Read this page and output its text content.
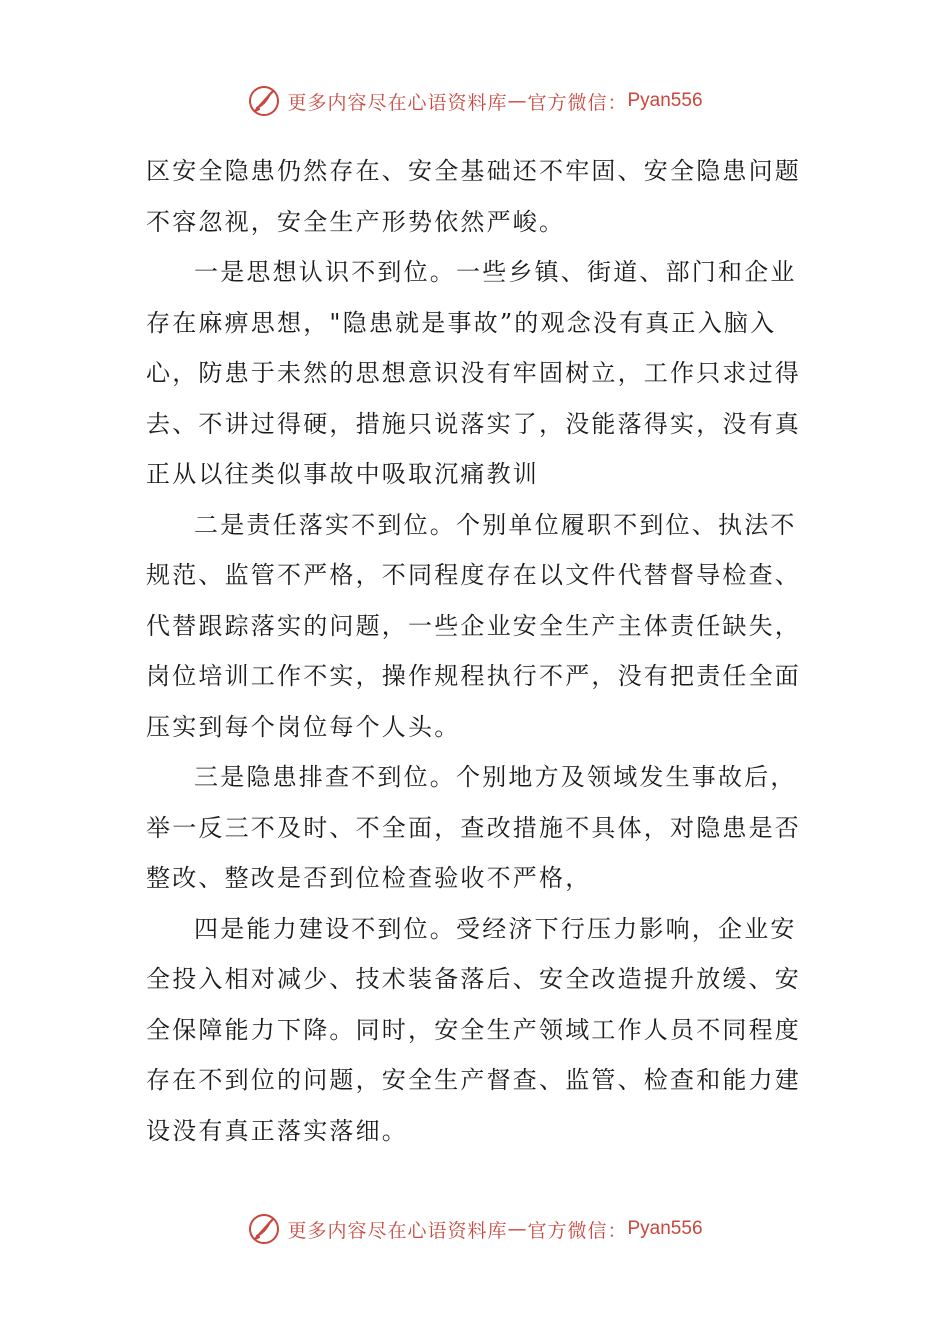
更多内容尽在心语资料库 — 官方微信： Pyan556

区安全隐患仍然存在、安全基础还不牢固、安全隐患问题不容忽视，安全生产形势依然严峻。

一是思想认识不到位。一些乡镇、街道、部门和企业存在麻痹思想，"隐患就是事故”的观念没有真正入脑入心，防患于未然的思想意识没有牢固树立，工作只求过得去、不讲过得硬，措施只说落实了，没能落得实，没有真正从以往类似事故中吸取沉痛教训

二是责任落实不到位。个别单位履职不到位、执法不规范、监管不严格，不同程度存在以文件代替督导检查、代替跟踪落实的问题，一些企业安全生产主体责任缺失，岗位培训工作不实，操作规程执行不严，没有把责任全面压实到每个岗位每个人头。

三是隐患排查不到位。个别地方及领域发生事故后，举一反三不及时、不全面，查改措施不具体，对隐患是否整改、整改是否到位检查验收不严格，

四是能力建设不到位。受经济下行压力影响，企业安全投入相对减少、技术装备落后、安全改造提升放缓、安全保障能力下降。同时，安全生产领域工作人员不同程度存在不到位的问题，安全生产督查、监管、检查和能力建设没有真正落实落细。

更多内容尽在心语资料库 — 官方微信： Pyan556
